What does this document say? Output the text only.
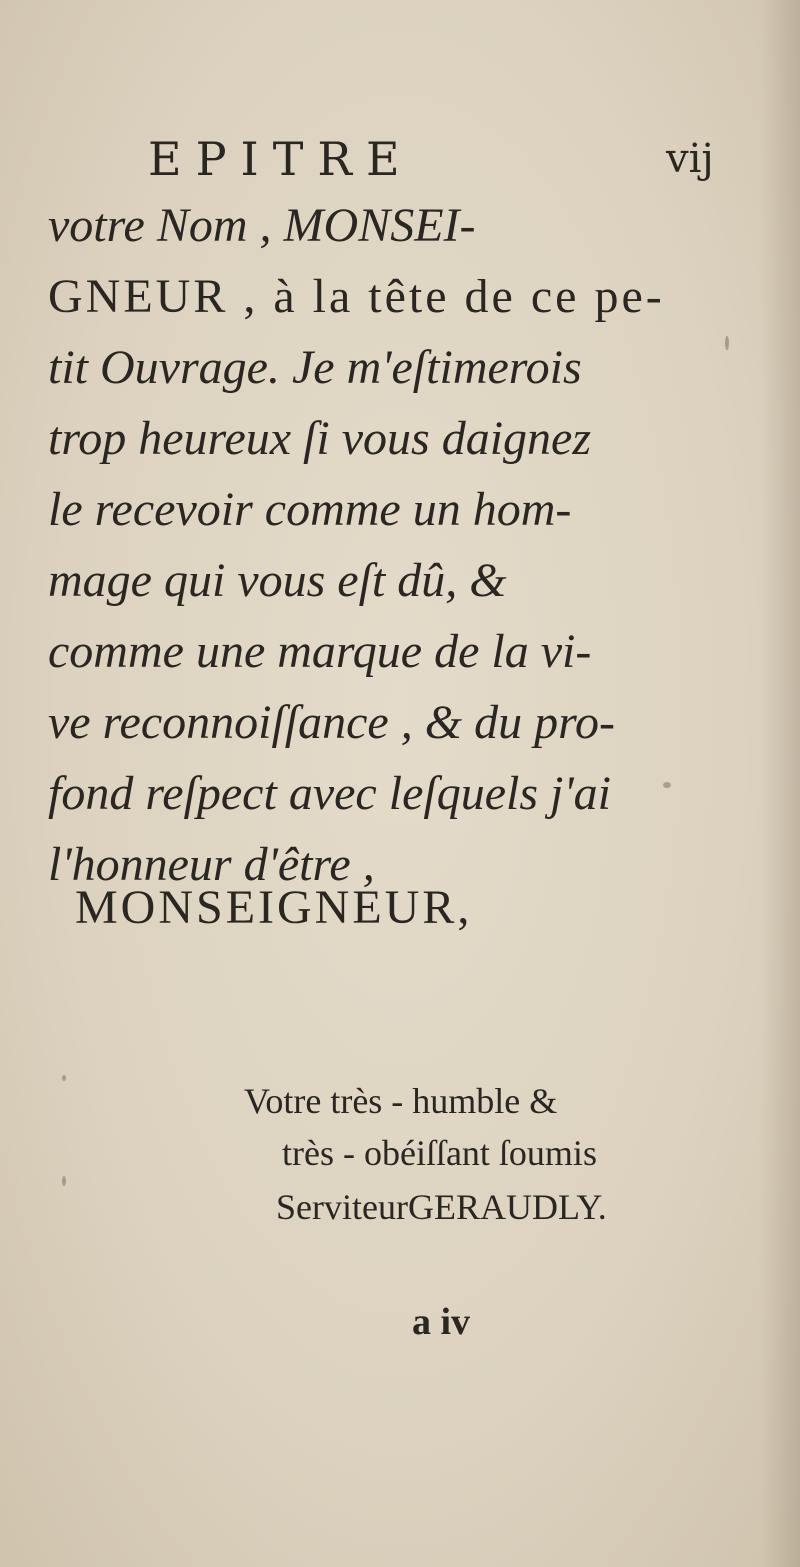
EPITRE	vij
votre Nom , MONSEI-
GNEUR , à la tête de ce pe-
tit Ouvrage. Je m'eſtimerois
trop heureux ſi vous daignez
le recevoir comme un hom-
mage qui vous eſt dû, &
comme une marque de la vi-
ve reconnoiſſance , & du pro-
fond reſpect avec leſquels j'ai
l'honneur d'être ,
MONSEIGNEUR,
Votre très - humble &
très - obéiſſant ſoumis
ServiteurGERAUDLY.
a iv
